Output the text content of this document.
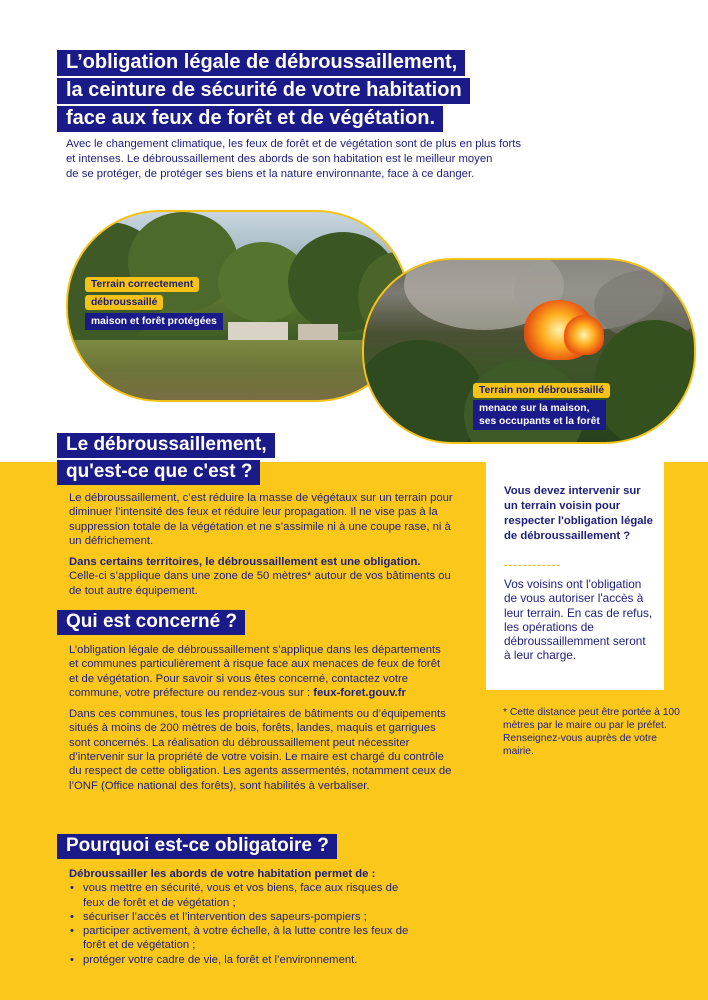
L’obligation légale de débroussaillement,
la ceinture de sécurité de votre habitation
face aux feux de forêt et de végétation.

Avec le changement climatique, les feux de forêt et de végétation sont de plus en plus forts

et intenses. Le débroussaillement des abords de son habitation est le meilleur moyen

de se protéger, de protéger ses biens et la nature environnante, face à ce danger.

Terrain correctement
débroussaillé
maison et forêt protégées
Terrain non débroussaillé
menace sur la maison,
ses occupants et la forêt
Le débroussaillement,
qu'est-ce que c'est ?

Le débroussaillement, c’est réduire la masse de végétaux sur un terrain pour diminuer l’intensité des feux et réduire leur propagation. Il ne vise pas à la suppression totale de la végétation et ne s’assimile ni à une coupe rase, ni à un défrichement.

Dans certains territoires, le débroussaillement est une obligation.
Celle-ci s’applique dans une zone de 50 mètres* autour de vos bâtiments ou de tout autre équipement.

Qui est concerné ?

L’obligation légale de débroussaillement s’applique dans les départements et communes particulièrement à risque face aux menaces de feux de forêt et de végétation. Pour savoir si vous êtes concerné, contactez votre commune, votre préfecture ou rendez-vous sur : feux-foret.gouv.fr

Dans ces communes, tous les propriétaires de bâtiments ou d’équipements situés à moins de 200 mètres de bois, forêts, landes, maquis et garrigues sont concernés. La réalisation du débroussaillement peut nécessiter d’intervenir sur la propriété de votre voisin. Le maire est chargé du contrôle du respect de cette obligation. Les agents assermentés, notamment ceux de l’ONF (Office national des forêts), sont habilités à verbaliser.

Pourquoi est-ce obligatoire ?

Débroussailler les abords de votre habitation permet de :

• vous mettre en sécurité, vous et vos biens, face aux risques de feux de forêt et de végétation ;
• sécuriser l’accès et l’intervention des sapeurs-pompiers ;
• participer activement, à votre échelle, à la lutte contre les feux de forêt et de végétation ;
• protéger votre cadre de vie, la forêt et l’environnement.
Vous devez intervenir sur un terrain voisin pour respecter l'obligation légale de débroussaillement ?
Vos voisins ont l'obligation de vous autoriser l'accès à leur terrain. En cas de refus, les opérations de débroussaillemment seront à leur charge.
* Cette distance peut être portée à 100 mètres par le maire ou par le préfet. Renseignez-vous auprès de votre mairie.
